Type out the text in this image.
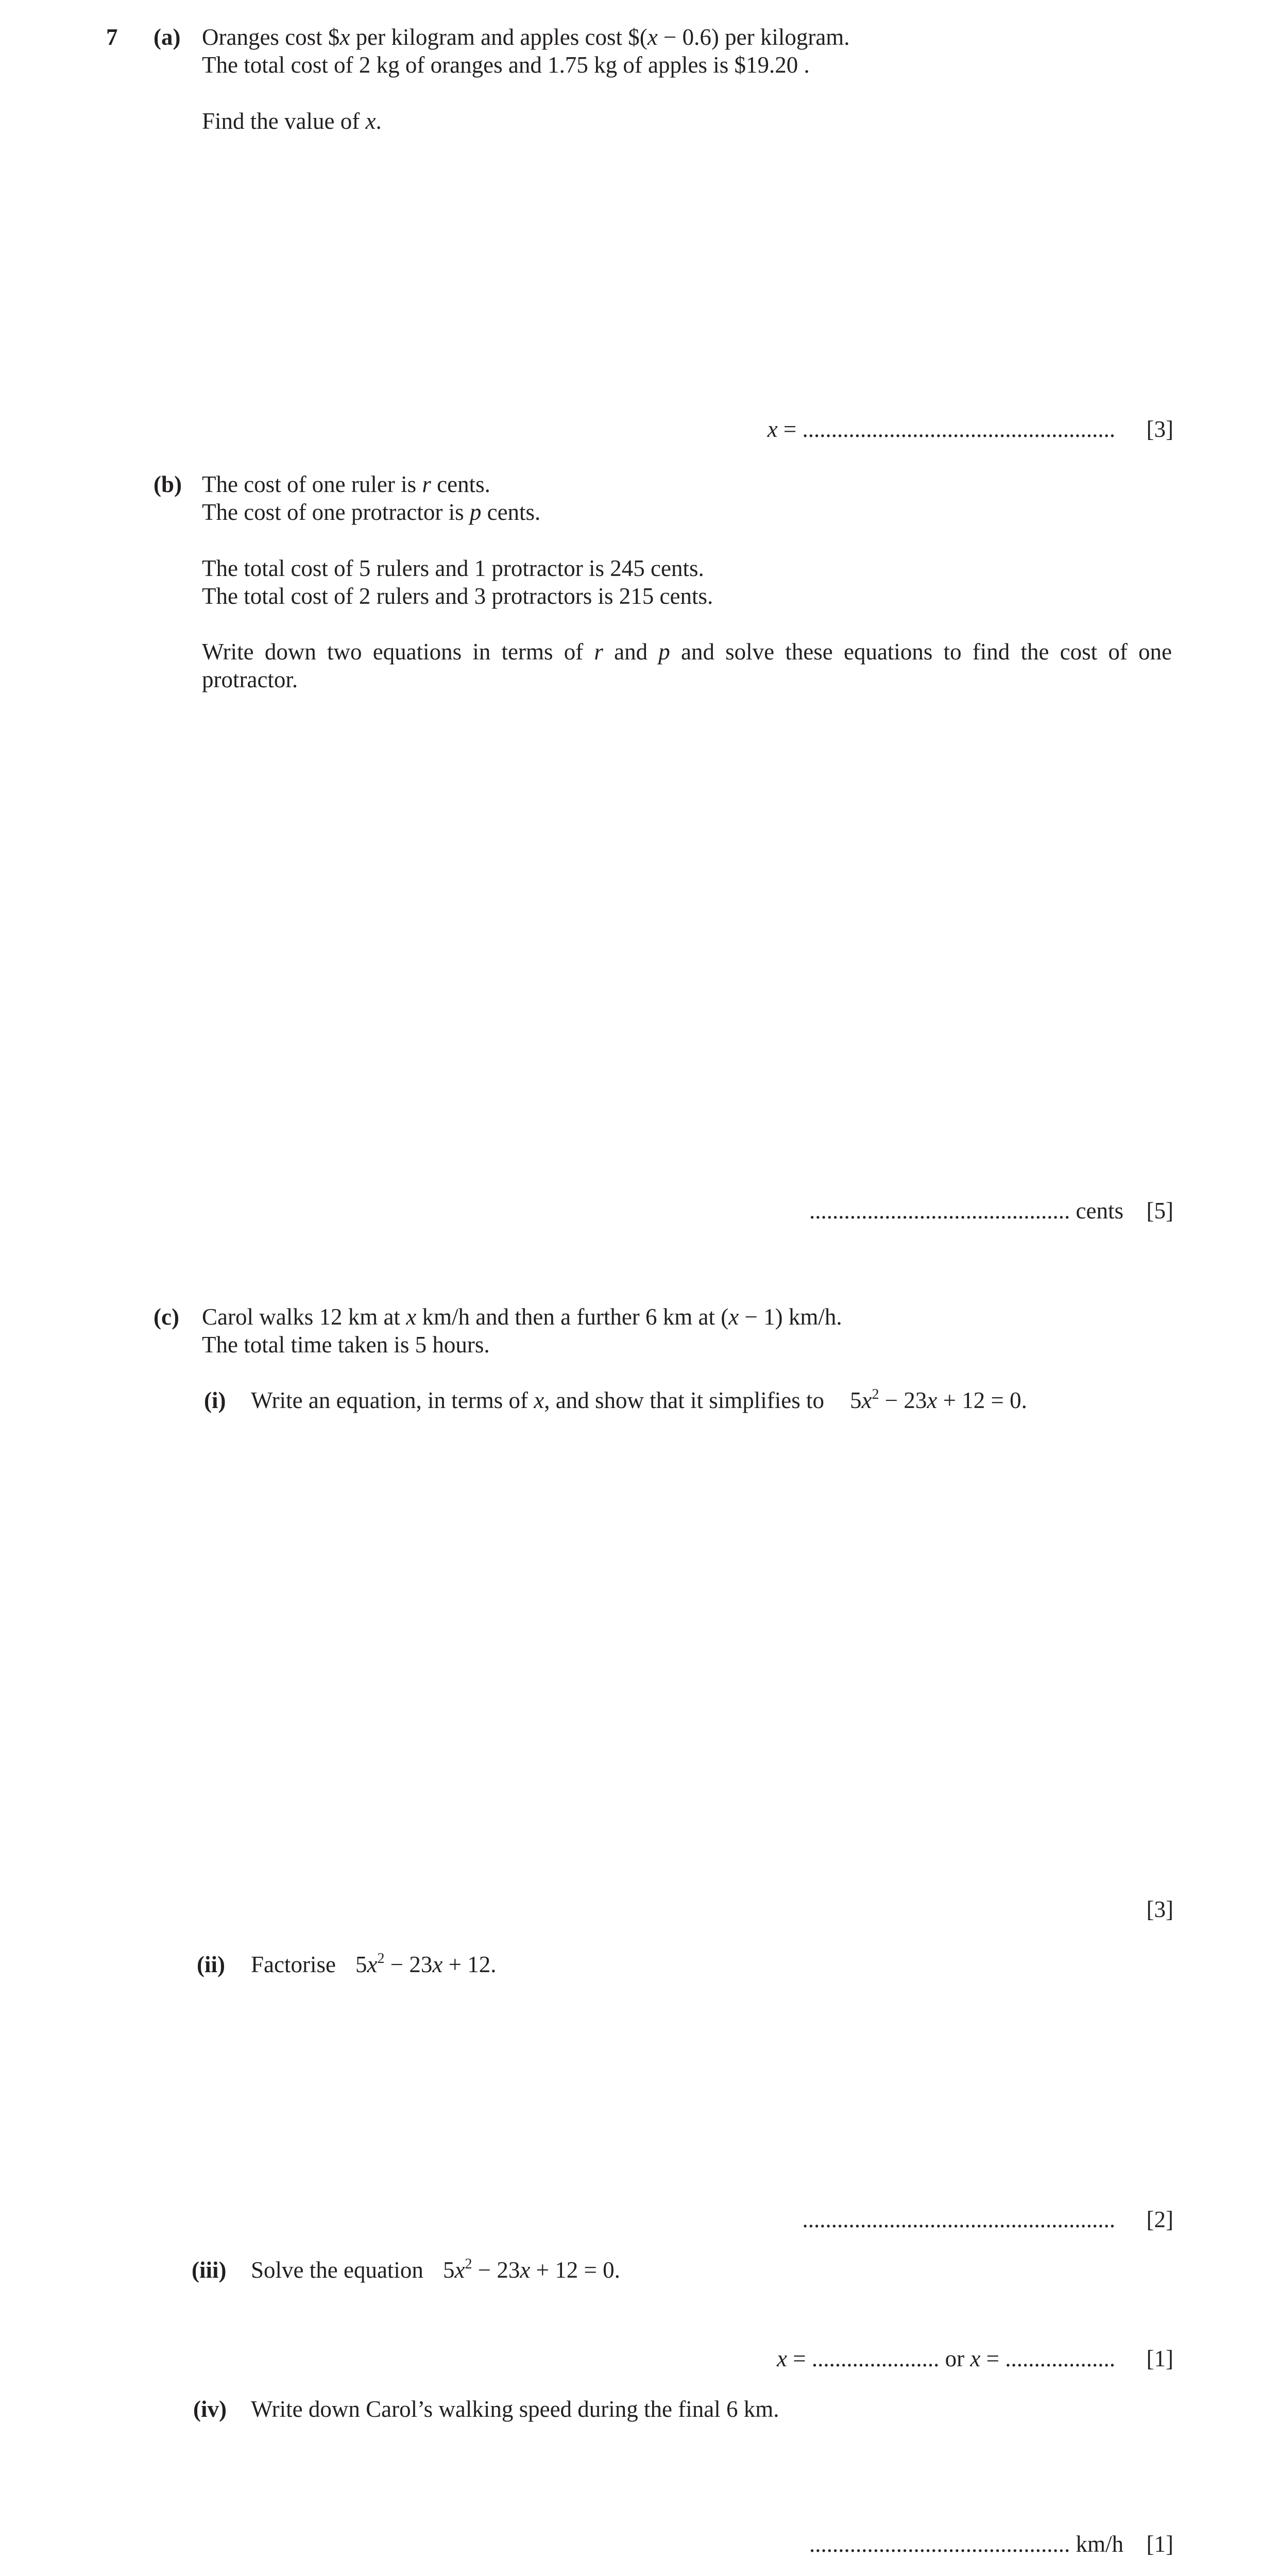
7 (a) Oranges cost $x per kilogram and apples cost $(x − 0.6) per kilogram.
The total cost of 2 kg of oranges and 1.75 kg of apples is $19.20 .
Find the value of x.
x = ...................................................... [3]
(b) The cost of one ruler is r cents.
The cost of one protractor is p cents.
The total cost of 5 rulers and 1 protractor is 245 cents.
The total cost of 2 rulers and 3 protractors is 215 cents.
Write down two equations in terms of r and p and solve these equations to find the cost of one
protractor.
............................................. cents [5]
(c) Carol walks 12 km at x km/h and then a further 6 km at (x − 1) km/h.
The total time taken is 5 hours.
(i) Write an equation, in terms of x, and show that it simplifies to $5x^2 - 23x + 12 = 0$.
[3]
(ii) Factorise $5x^2 - 23x + 12$.
...................................................... [2]
(iii) Solve the equation $5x^2 - 23x + 12 = 0$.
x = ...................... or x = ................... [1]
(iv) Write down Carol’s walking speed during the final 6 km.
............................................. km/h [1]
